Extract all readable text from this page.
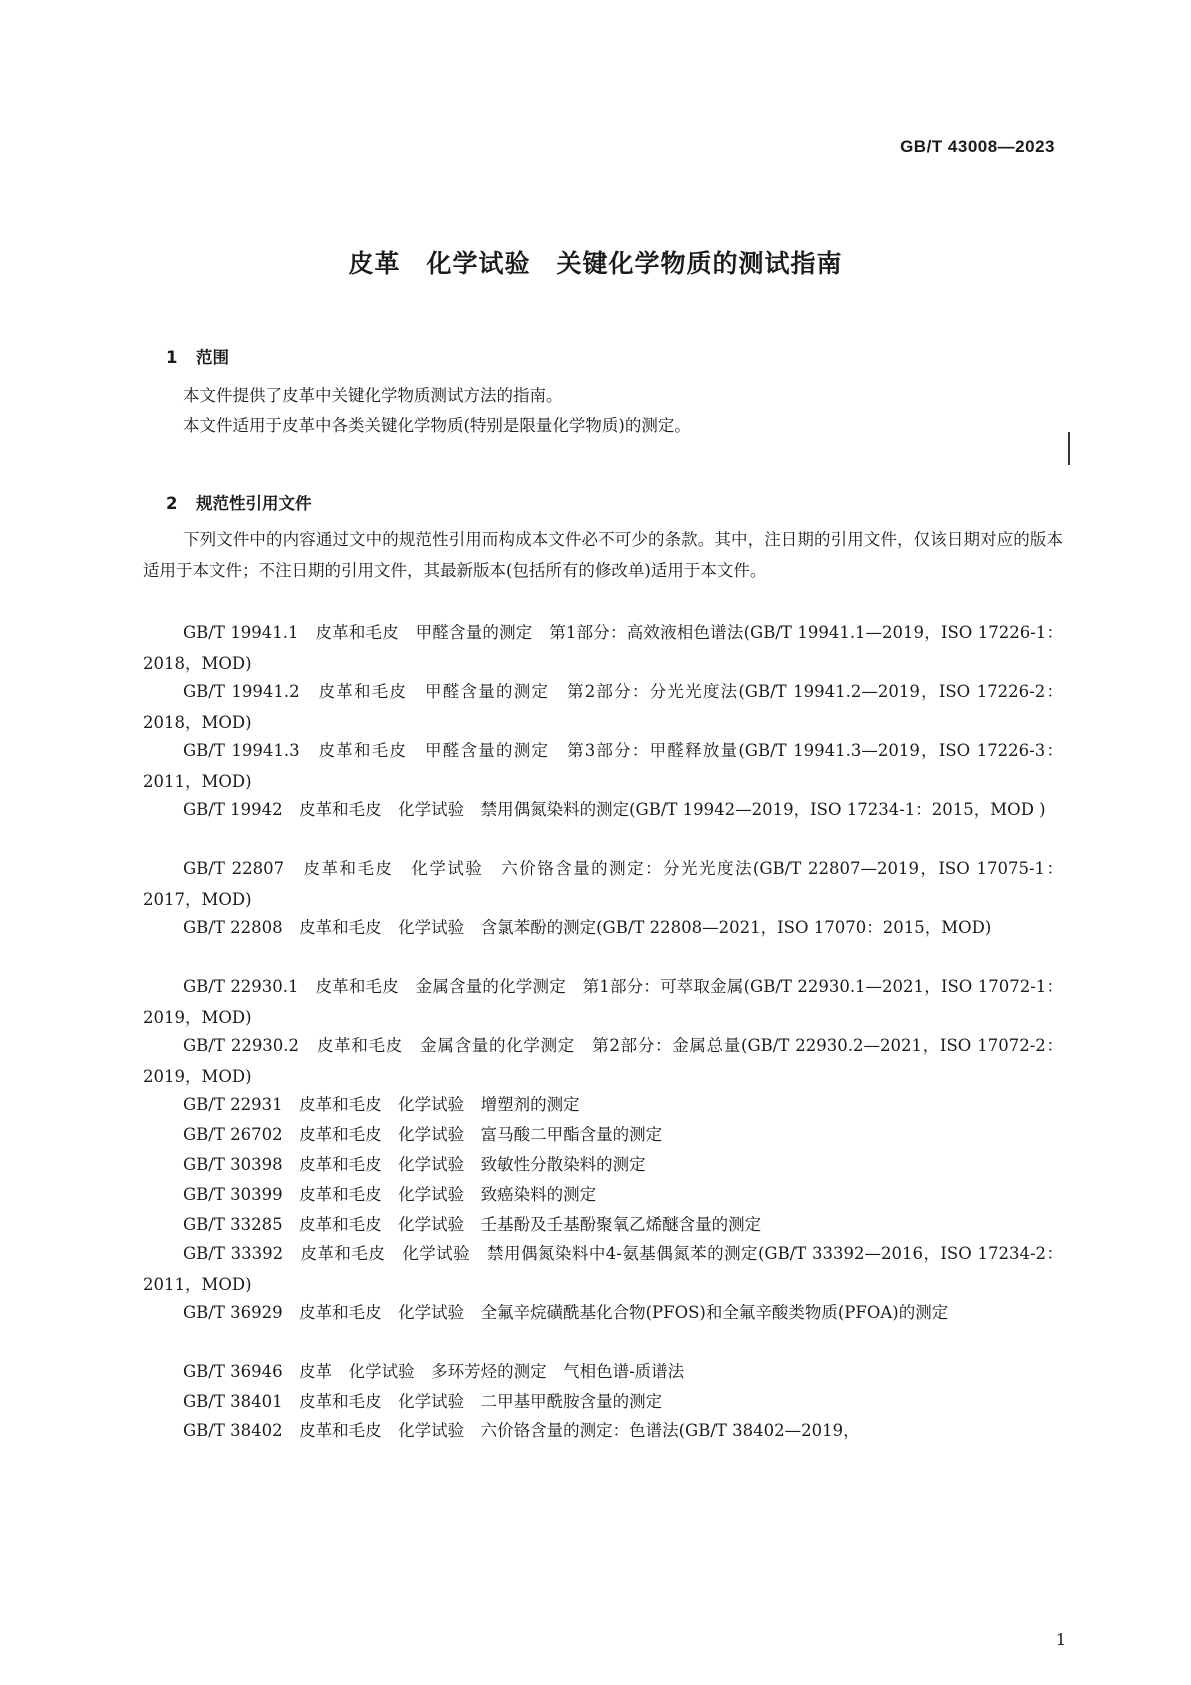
GB/T 43008—2023
皮革　化学试验　关键化学物质的测试指南

1 范围

本文件提供了皮革中关键化学物质测试方法的指南。
本文件适用于皮革中各类关键化学物质(特别是限量化学物质)的测定。

2 规范性引用文件

下列文件中的内容通过文中的规范性引用而构成本文件必不可少的条款。其中，注日期的引用文件，仅该日期对应的版本适用于本文件；不注日期的引用文件，其最新版本(包括所有的修改单)适用于本文件。

GB/T 19941.1　皮革和毛皮　甲醛含量的测定　第1部分：高效液相色谱法(GB/T 19941.1—2019，ISO 17226-1：2018，MOD)

GB/T 19941.2　皮革和毛皮　甲醛含量的测定　第2部分：分光光度法(GB/T 19941.2—2019，ISO 17226-2：2018，MOD)

GB/T 19941.3　皮革和毛皮　甲醛含量的测定　第3部分：甲醛释放量(GB/T 19941.3—2019，ISO 17226-3：2011，MOD)

GB/T 19942　皮革和毛皮　化学试验　禁用偶氮染料的测定(GB/T 19942—2019，ISO 17234-1：2015，MOD )

GB/T 22807　皮革和毛皮　化学试验　六价铬含量的测定：分光光度法(GB/T 22807—2019，ISO 17075-1：2017，MOD)

GB/T 22808　皮革和毛皮　化学试验　含氯苯酚的测定(GB/T 22808—2021，ISO 17070：2015，MOD)

GB/T 22930.1　皮革和毛皮　金属含量的化学测定　第1部分：可萃取金属(GB/T 22930.1—2021，ISO 17072-1：2019，MOD)

GB/T 22930.2　皮革和毛皮　金属含量的化学测定　第2部分：金属总量(GB/T 22930.2—2021，ISO 17072-2：2019，MOD)

GB/T 22931　皮革和毛皮　化学试验　增塑剂的测定

GB/T 26702　皮革和毛皮　化学试验　富马酸二甲酯含量的测定

GB/T 30398　皮革和毛皮　化学试验　致敏性分散染料的测定

GB/T 30399　皮革和毛皮　化学试验　致癌染料的测定

GB/T 33285　皮革和毛皮　化学试验　壬基酚及壬基酚聚氧乙烯醚含量的测定

GB/T 33392　皮革和毛皮　化学试验　禁用偶氮染料中4-氨基偶氮苯的测定(GB/T 33392—2016，ISO 17234-2：2011，MOD)

GB/T 36929　皮革和毛皮　化学试验　全氟辛烷磺酰基化合物(PFOS)和全氟辛酸类物质(PFOA)的测定

GB/T 36946　皮革　化学试验　多环芳烃的测定　气相色谱-质谱法

GB/T 38401　皮革和毛皮　化学试验　二甲基甲酰胺含量的测定

GB/T 38402　皮革和毛皮　化学试验　六价铬含量的测定：色谱法(GB/T 38402—2019，

1
